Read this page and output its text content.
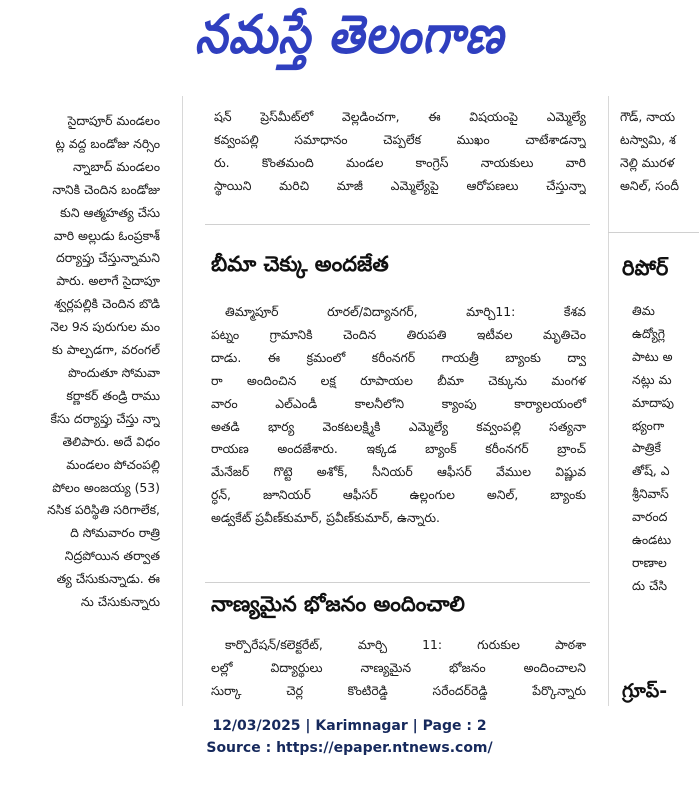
నమస్తే తెలంగాణ

సైదాపూర్ మండలం

ట్ల వద్ద బండోజు నర్సిం

న్నాబాద్ మండలం

నానికి చెందిన బండోజు

కుని ఆత్మహత్య చేసు

వారి అల్లుడు ఓంప్రకాశ్

దర్యాప్తు చేస్తున్నామని

పారు. అలాగే సైదాపూ

శ్వర్లపల్లికి చెందిన బొడి

నెల 9న పురుగుల మం

కు పాల్పడగా, వరంగల్

పొందుతూ సోమవా

కర్ణాకర్ తండ్రి రాము

కేసు దర్యాప్తు చేస్తు న్నా

తెలిపారు. అదే విధం

మండలం పోచంపల్లి

పోలం అంజయ్య (53)

నసిక పరిస్థితి సరిగాలేక,

ది సోమవారం రాత్రి

నిద్రపోయిన తర్వాత

త్య చేసుకున్నాడు. ఈ

ను చేసుకున్నారు

షన్ ప్రెస్‌మీట్‌లో వెల్లడించగా, ఈ విషయంపై ఎమ్మెల్యే

కవ్వంపల్లి సమాధానం చెప్పలేక ముఖం చాటేశాడన్నా

రు. కొంతమంది మండల కాంగ్రెస్ నాయకులు వారి

స్థాయిని మరిచి మాజీ ఎమ్మెల్యేపై ఆరోపణలు చేస్తున్నా

బీమా చెక్కు అందజేత

తిమ్మాపూర్ రూరల్/విద్యానగర్, మార్చి11: కేశవ

పట్నం గ్రామానికి చెందిన తిరుపతి ఇటీవల మృతిచెం

దాడు. ఈ క్రమంలో కరీంనగర్ గాయత్రీ బ్యాంకు ద్వా

రా అందించిన లక్ష రూపాయల బీమా చెక్కును మంగళ

వారం ఎల్‌ఎండీ కాలనీలోని క్యాంపు కార్యాలయంలో

అతడి భార్య వెంకటలక్ష్మికి ఎమ్మెల్యే కవ్వంపల్లి సత్యనా

రాయణ అందజేశారు. ఇక్కడ బ్యాంక్ కరీంనగర్ బ్రాంచ్

మేనేజర్ గొట్టె అశోక్, సీనియర్ ఆఫీసర్ వేముల విష్ణువ

ర్ధన్, జూనియర్ ఆఫీసర్ ఉల్లంగుల అనిల్, బ్యాంకు

అడ్వకేట్ ప్రవీణ్‌కుమార్, ప్రవీణ్‌కుమార్, ఉన్నారు.

నాణ్యమైన భోజనం అందించాలి

కార్పొరేషన్/కలెక్టరేట్, మార్చి 11: గురుకుల పాఠశా

లల్లో విద్యార్థులు నాణ్యమైన భోజనం అందించాలని

సుర్కా చెర్ల కొంటిరెడ్డి సరేందర్‌రెడ్డి పేర్కొన్నారు

గౌడ్, నాయ

టస్వామి, శ

నెల్లి మురళ

అనిల్, సందీ

రిపోర్

తిమ

ఉద్యోగ్లె

పాటు అ

నట్లు మ

మాదాపు

భ్యంగా

పాత్రికే

తోష్, ఎ

శ్రీనివాస్

వారంద

ఉండటు

రాణాల

దు చేసి

గ్రూప్-
12/03/2025 | Karimnagar | Page : 2
Source : https://epaper.ntnews.com/
